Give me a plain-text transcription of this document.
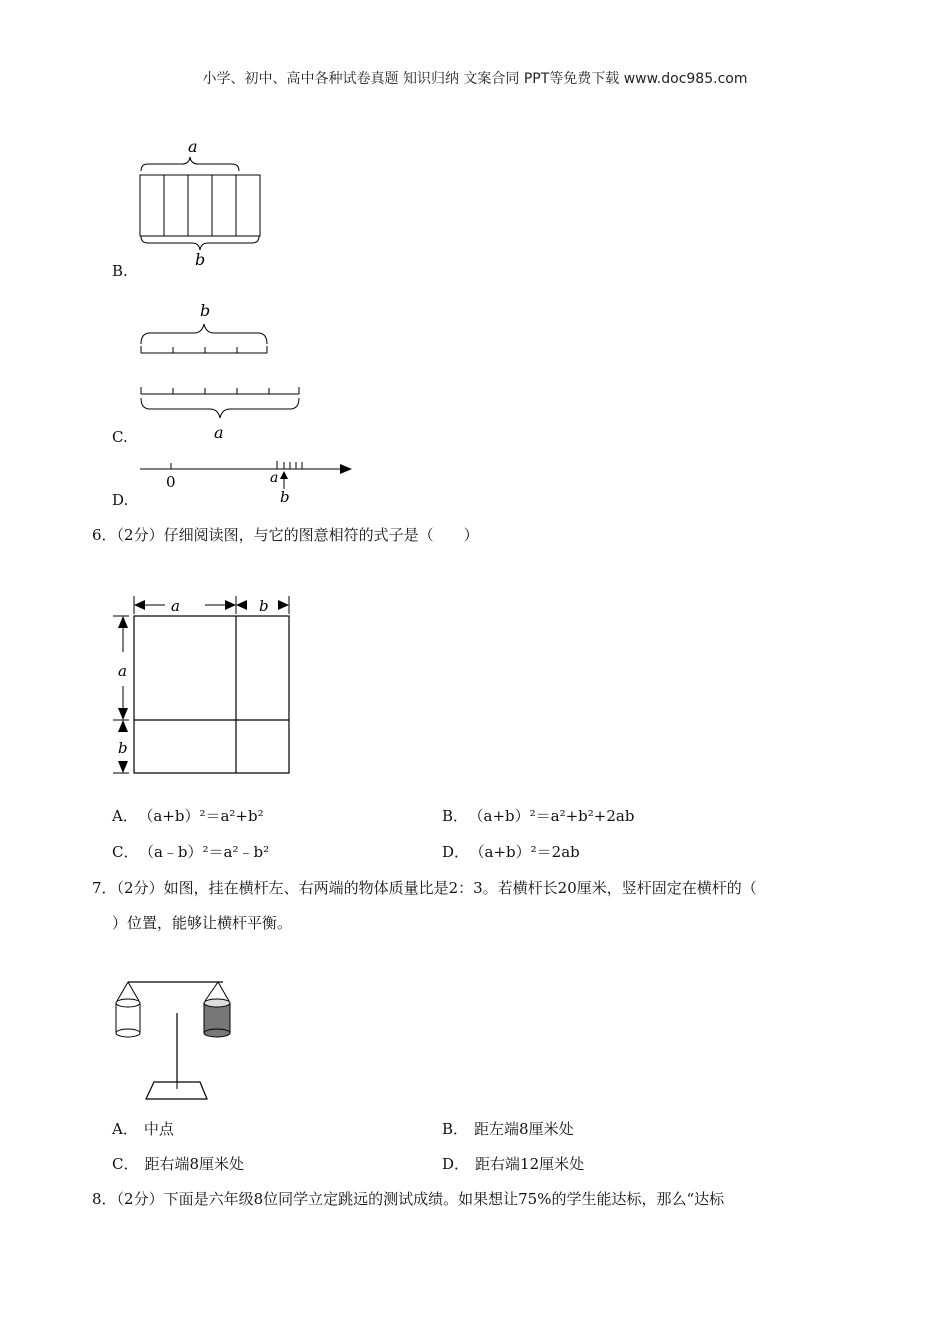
小学、初中、高中各种试卷真题 知识归纳 文案合同 PPT等免费下载 www.doc985.com
a
b
B.
b
a
C.
0	a
b
D.
6．（2分）仔细阅读图，与它的图意相符的式子是（　　）
a	b
a
b
A． （a+b）²＝a²+b²	B． （a+b）²＝a²+b²+2ab
C． （a﹣b）²＝a²﹣b²	D． （a+b）²＝2ab
7．（2分）如图，挂在横杆左、右两端的物体质量比是2：3。若横杆长20厘米，竖杆固定在横杆的（
）位置，能够让横杆平衡。
A． 中点	B． 距左端8厘米处
C． 距右端8厘米处	D． 距右端12厘米处
8．（2分）下面是六年级8位同学立定跳远的测试成绩。如果想让75%的学生能达标，那么“达标
